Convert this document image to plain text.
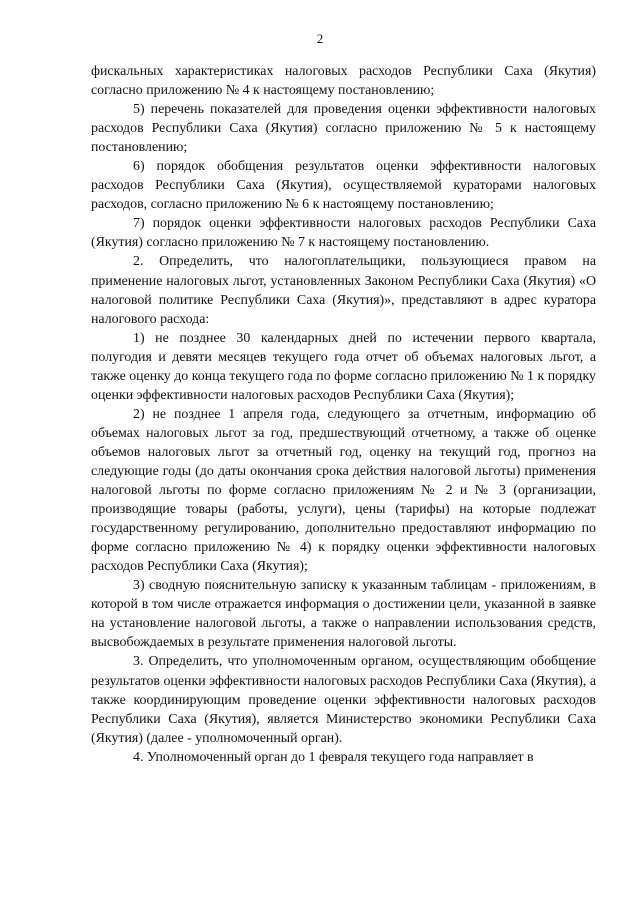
2

фискальных характеристиках налоговых расходов Республики Саха (Якутия) согласно приложению № 4 к настоящему постановлению;

5) перечень показателей для проведения оценки эффективности налоговых расходов Республики Саха (Якутия) согласно приложению № 5 к настоящему постановлению;

6) порядок обобщения результатов оценки эффективности налоговых расходов Республики Саха (Якутия), осуществляемой кураторами налоговых расходов, согласно приложению № 6 к настоящему постановлению;

7) порядок оценки эффективности налоговых расходов Республики Саха (Якутия) согласно приложению № 7 к настоящему постановлению.

2. Определить, что налогоплательщики, пользующиеся правом на применение налоговых льгот, установленных Законом Республики Саха (Якутия) «О налоговой политике Республики Саха (Якутия)», представляют в адрес куратора налогового расхода:

1) не позднее 30 календарных дней по истечении первого квартала, полугодия и девяти месяцев текущего года отчет об объемах налоговых льгот, а также оценку до конца текущего года по форме согласно приложению № 1 к порядку оценки эффективности налоговых расходов Республики Саха (Якутия);

2) не позднее 1 апреля года, следующего за отчетным, информацию об объемах налоговых льгот за год, предшествующий отчетному, а также об оценке объемов налоговых льгот за отчетный год, оценку на текущий год, прогноз на следующие годы (до даты окончания срока действия налоговой льготы) применения налоговой льготы по форме согласно приложениям № 2 и № 3 (организации, производящие товары (работы, услуги), цены (тарифы) на которые подлежат государственному регулированию, дополнительно предоставляют информацию по форме согласно приложению № 4) к порядку оценки эффективности налоговых расходов Республики Саха (Якутия);

3) сводную пояснительную записку к указанным таблицам - приложениям, в которой в том числе отражается информация о достижении цели, указанной в заявке на установление налоговой льготы, а также о направлении использования средств, высвобождаемых в результате применения налоговой льготы.

3. Определить, что уполномоченным органом, осуществляющим обобщение результатов оценки эффективности налоговых расходов Республики Саха (Якутия), а также координирующим проведение оценки эффективности налоговых расходов Республики Саха (Якутия), является Министерство экономики Республики Саха (Якутия) (далее - уполномоченный орган).

4. Уполномоченный орган до 1 февраля текущего года направляет в
